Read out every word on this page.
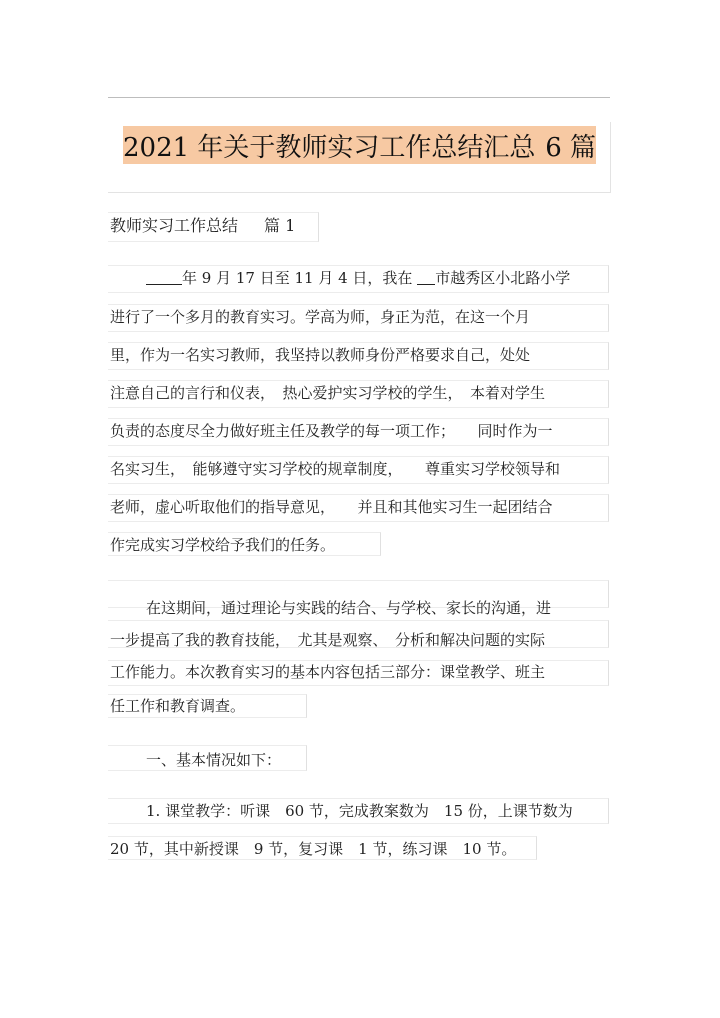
2021 年关于教师实习工作总结汇总 6 篇
教师实习工作总结 篇 1
年 9 月 17 日至 11 月 4 日，我在 市越秀区小北路小学
进行了一个多月的教育实习。学高为师，身正为范，在这一个月
里，作为一名实习教师，我坚持以教师身份严格要求自己，处处
注意自己的言行和仪表，　热心爱护实习学校的学生，　本着对学生
负责的态度尽全力做好班主任及教学的每一项工作；　　同时作为一
名实习生，　能够遵守实习学校的规章制度，　　尊重实习学校领导和
老师，虚心听取他们的指导意见，　　并且和其他实习生一起团结合
作完成实习学校给予我们的任务。
在这期间，通过理论与实践的结合、与学校、家长的沟通，进
一步提高了我的教育技能，　尤其是观察、　分析和解决问题的实际
工作能力。本次教育实习的基本内容包括三部分：课堂教学、班主
任工作和教育调查。
一、基本情况如下：
1. 课堂教学：听课　60 节，完成教案数为　15 份，上课节数为
20 节，其中新授课　9 节，复习课　1 节，练习课　10 节。
